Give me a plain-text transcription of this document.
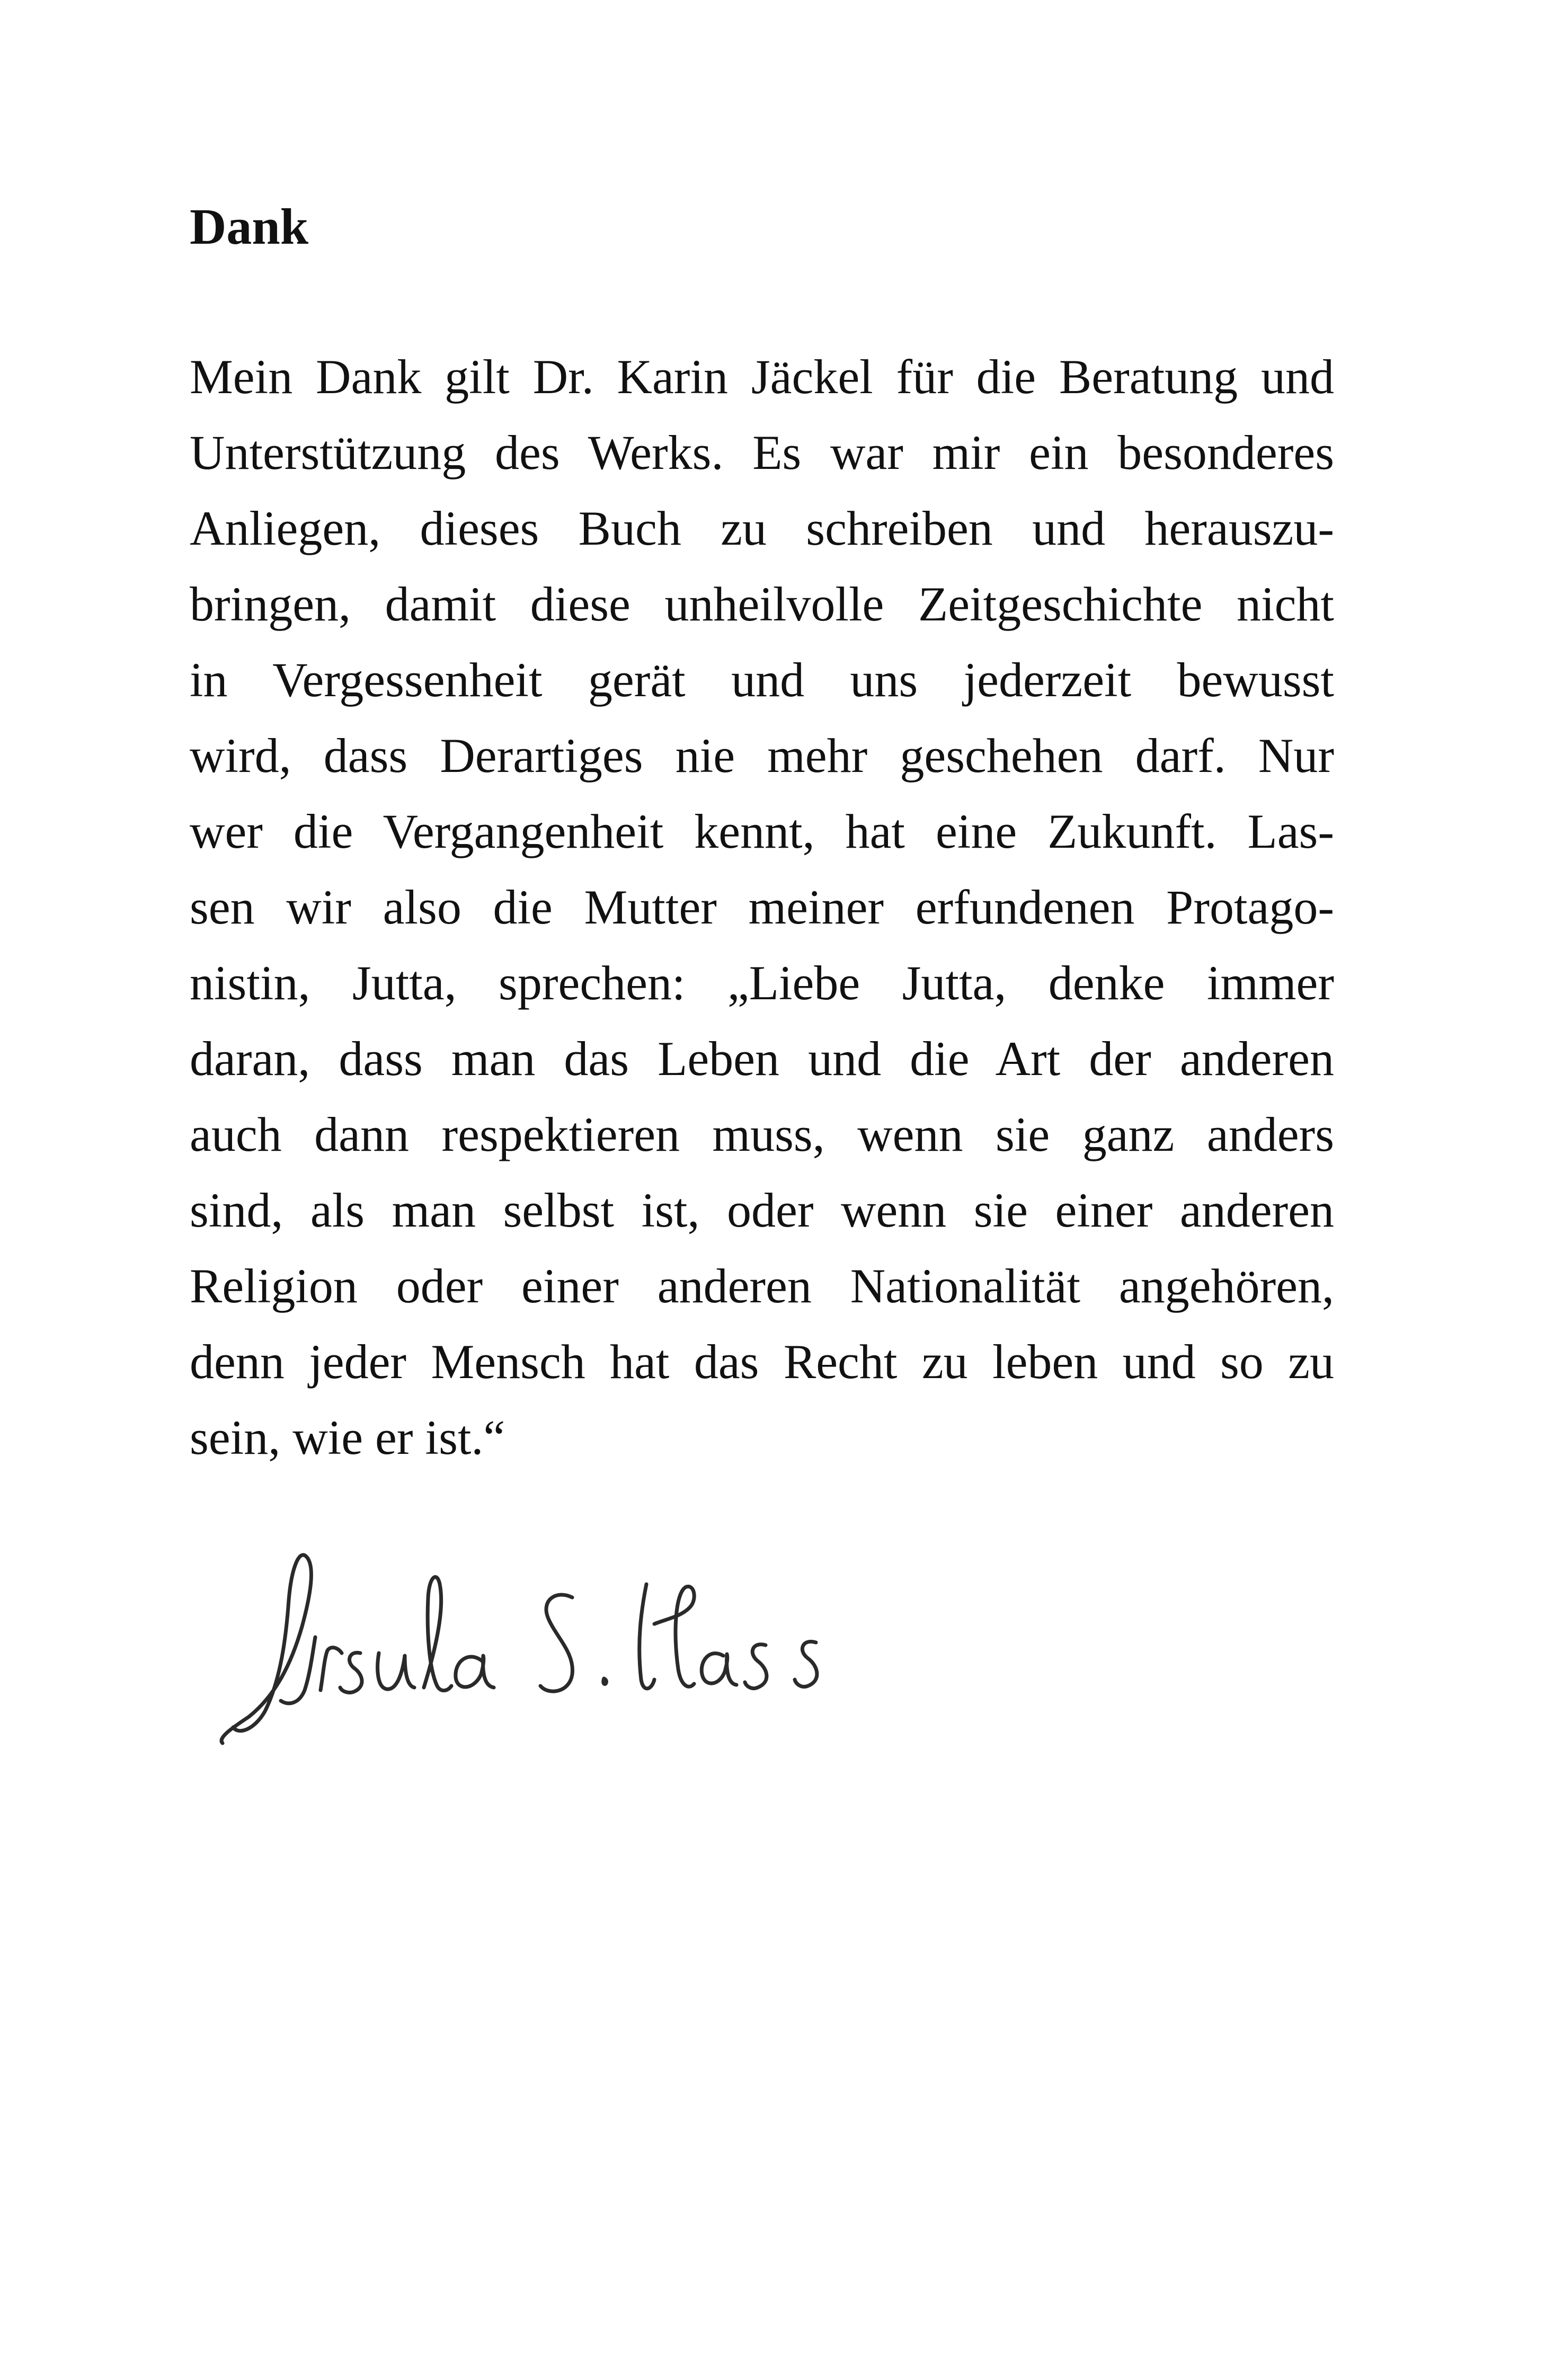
Dank

Mein Dank gilt Dr. Karin Jäckel für die Beratung und
Unterstützung des Werks. Es war mir ein besonderes
Anliegen, dieses Buch zu schreiben und herauszu-
bringen, damit diese unheilvolle Zeitgeschichte nicht
in Vergessenheit gerät und uns jederzeit bewusst
wird, dass Derartiges nie mehr geschehen darf. Nur
wer die Vergangenheit kennt, hat eine Zukunft. Las-
sen wir also die Mutter meiner erfundenen Protago-
nistin, Jutta, sprechen: „Liebe Jutta, denke immer
daran, dass man das Leben und die Art der anderen
auch dann respektieren muss, wenn sie ganz anders
sind, als man selbst ist, oder wenn sie einer anderen
Religion oder einer anderen Nationalität angehören,
denn jeder Mensch hat das Recht zu leben und so zu
sein, wie er ist.“
